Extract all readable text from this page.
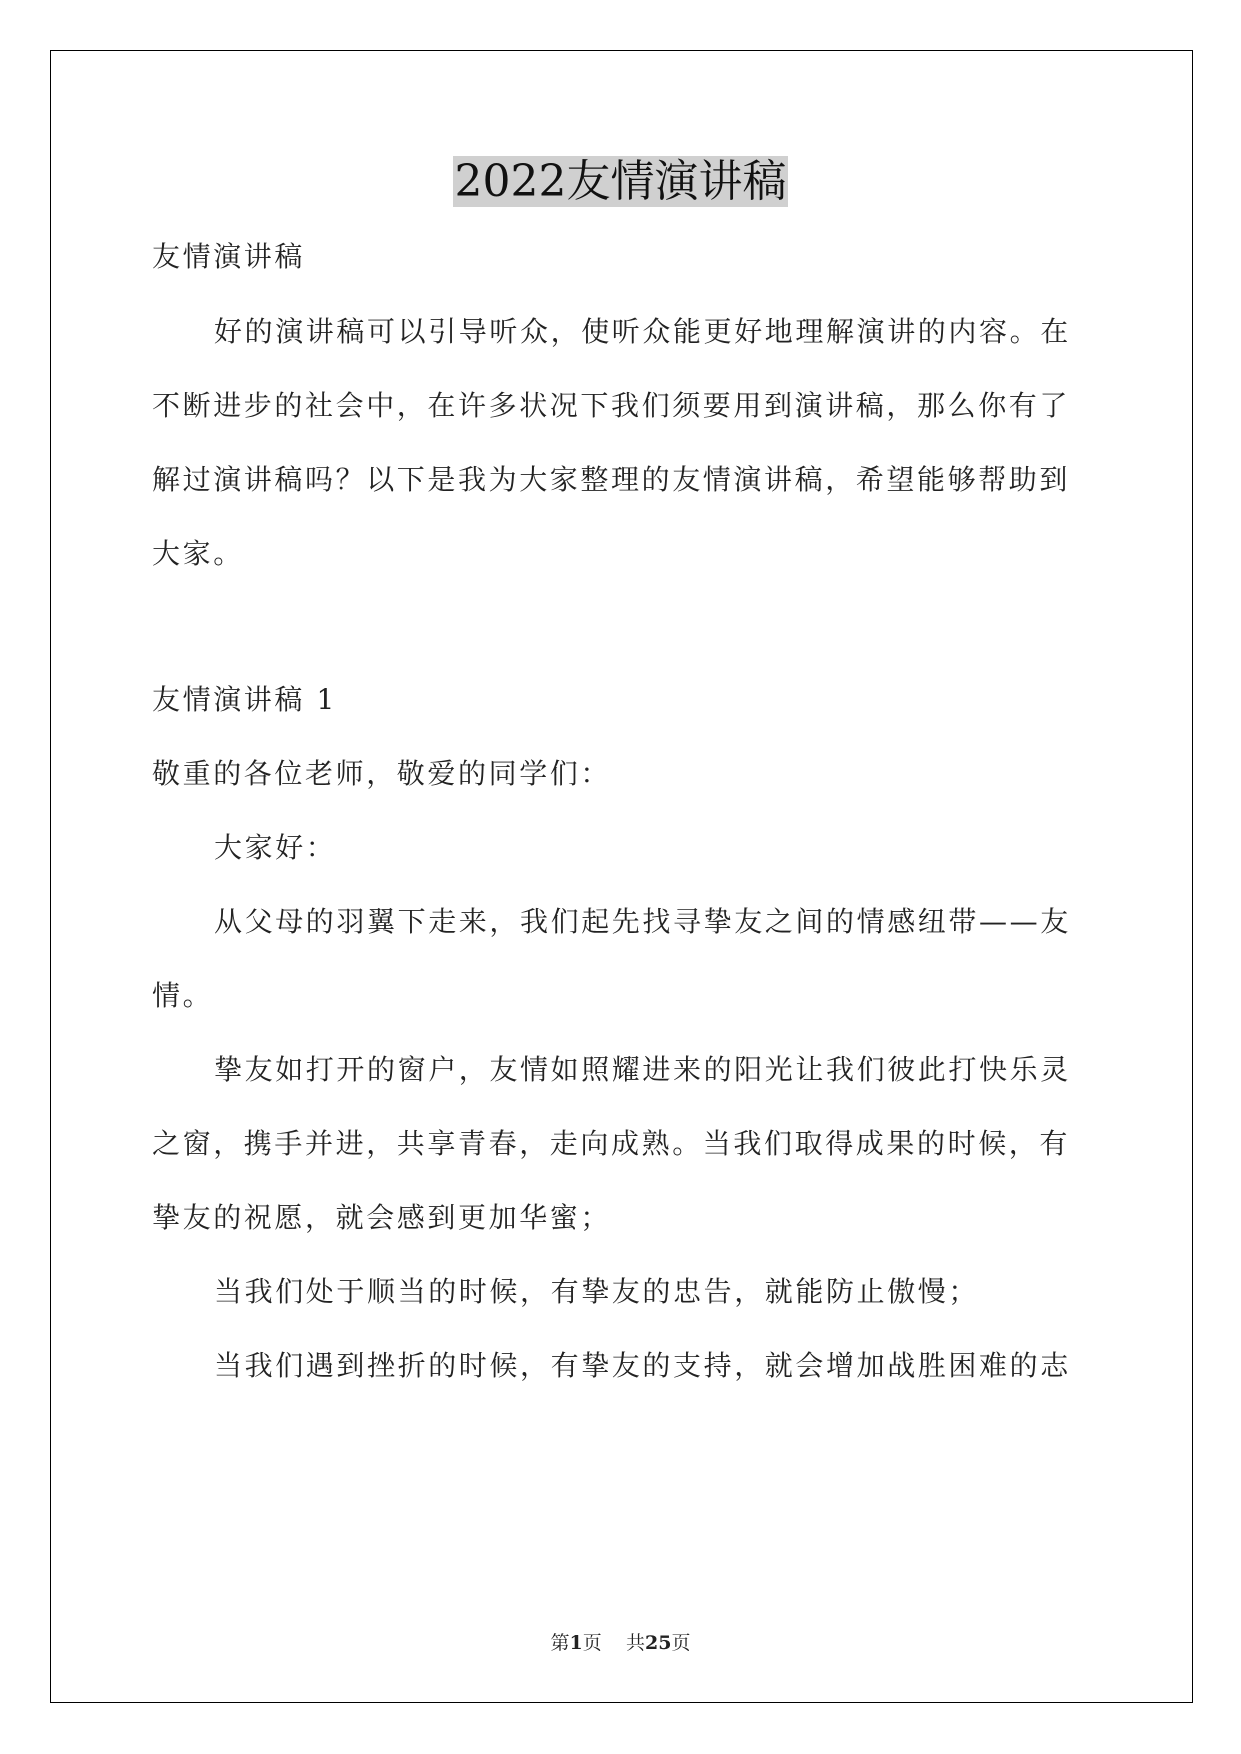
2022友情演讲稿

友情演讲稿

好的演讲稿可以引导听众，使听众能更好地理解演讲的内容。在

不断进步的社会中，在许多状况下我们须要用到演讲稿，那么你有了

解过演讲稿吗？以下是我为大家整理的友情演讲稿，希望能够帮助到

大家。

友情演讲稿 1

敬重的各位老师，敬爱的同学们：

大家好：

从父母的羽翼下走来，我们起先找寻挚友之间的情感纽带——友

情。

挚友如打开的窗户，友情如照耀进来的阳光让我们彼此打快乐灵

之窗，携手并进，共享青春，走向成熟。当我们取得成果的时候，有

挚友的祝愿，就会感到更加华蜜；

当我们处于顺当的时候，有挚友的忠告，就能防止傲慢；

当我们遇到挫折的时候，有挚友的支持，就会增加战胜困难的志

第1页 共25页
